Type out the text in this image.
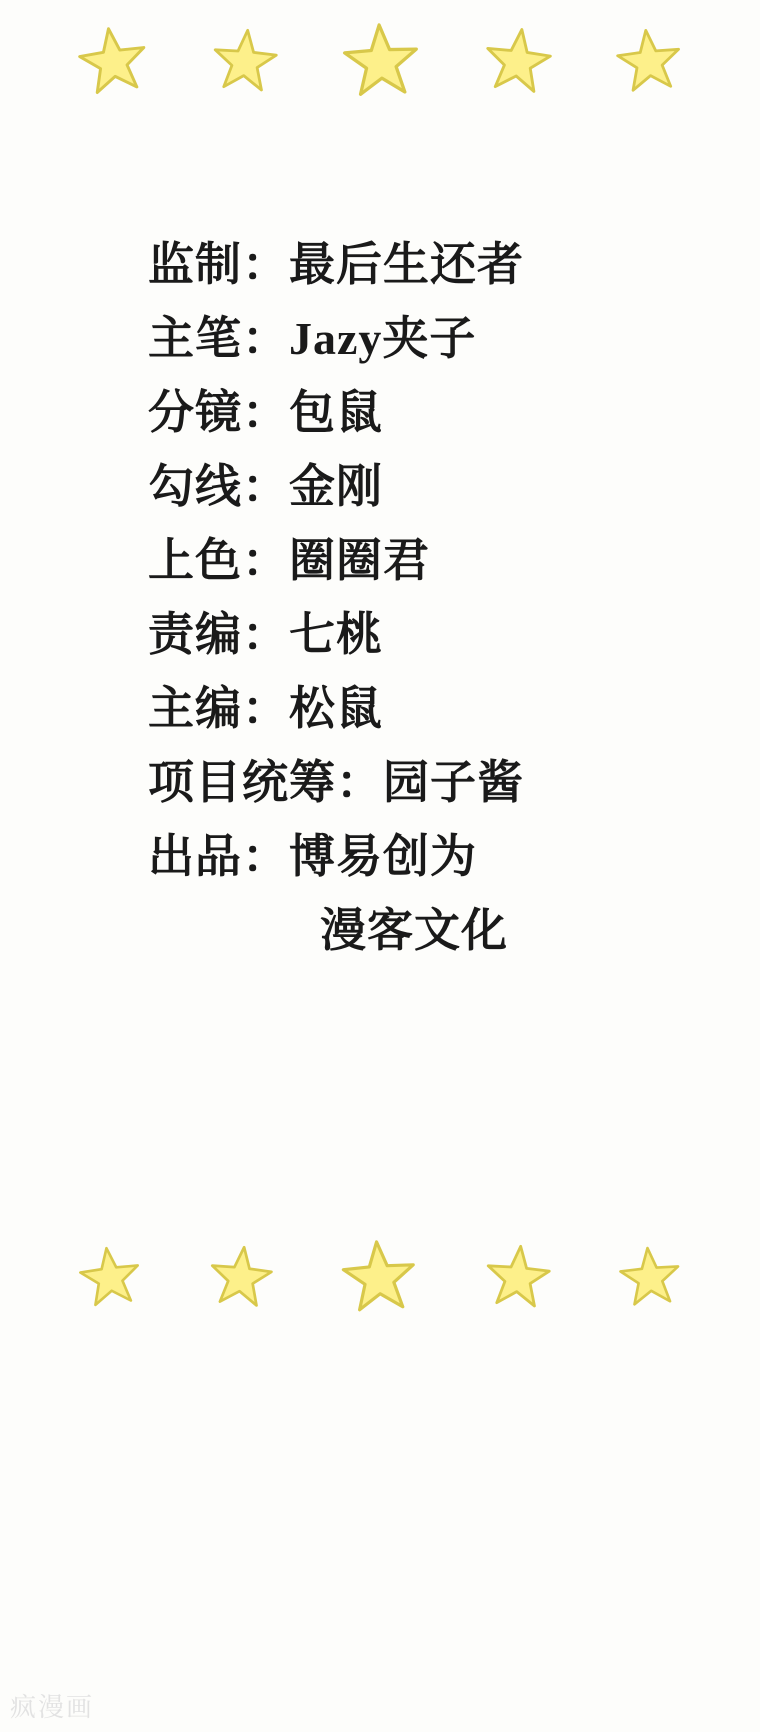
监制：最后生还者
主笔：Jazy夹子
分镜：包鼠
勾线：金刚
上色：圈圈君
责编：七桃
主编：松鼠
项目统筹：园子酱
出品：博易创为
漫客文化
疯漫画
